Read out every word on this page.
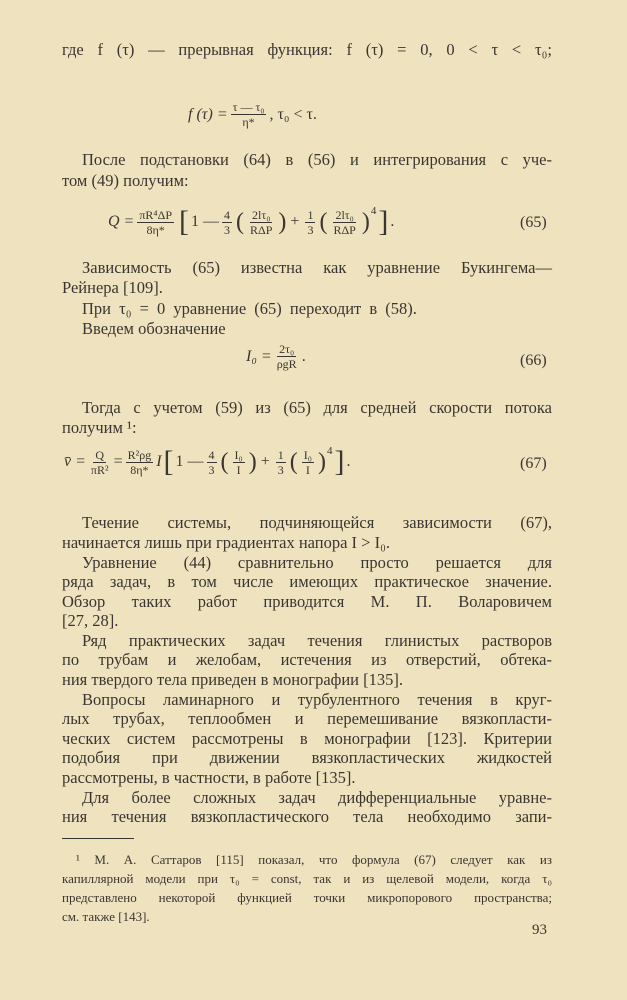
где f (τ) — прерывная функция: f (τ) = 0, 0 < τ < τ₀;
f $(\tau) = \frac{\text{τ — τ₀}}{\eta*}$ , τ₀ < τ.
После подстановки (64) в (56) и интегрирования с уче-
том (49) получим:
$Q = \frac{\text{πR⁴ΔP}}{8\eta*}$ [ 1 — $\frac{4}{3}$ ( $\frac{\text{2lτ₀}}{\text{RΔP}}$ ) + $\frac{1}{3}$ ( $\frac{\text{2lτ₀}}{\text{RΔP}} )^4$ ] .	(65)
Зависимость (65) известна как уравнение Букингема—
Рейнера [109].
При τ₀ = 0 уравнение (65) переходит в (58).
Введем обозначение
$I_0 = \frac{\text{2τ₀}}{\text{ρgR}}$ .	(66)
Тогда с учетом (59) из (65) для средней скорости потока
получим ¹:
v̄ = $\frac{Q}{\text{πR²}} = \frac{\text{R²ρg}}{8\eta*}$ I [ 1 — $\frac{4}{3}$ ( $\frac{\text{I₀}}{I}$ ) + $\frac{1}{3}$ ( $\frac{\text{I₀}}{I} )^4$ ] .	(67)
Течение системы, подчиняющейся зависимости (67),
начинается лишь при градиентах напора I > I₀.
Уравнение (44) сравнительно просто решается для
ряда задач, в том числе имеющих практическое значение.
Обзор таких работ приводится М. П. Воларовичем
[27, 28].
Ряд практических задач течения глинистых растворов
по трубам и желобам, истечения из отверстий, обтека-
ния твердого тела приведен в монографии [135].
Вопросы ламинарного и турбулентного течения в круг-
лых трубах, теплообмен и перемешивание вязкопласти-
ческих систем рассмотрены в монографии [123]. Критерии
подобия при движении вязкопластических жидкостей
рассмотрены, в частности, в работе [135].
Для более сложных задач дифференциальные уравне-
ния течения вязкопластического тела необходимо запи-
¹ М. А. Саттаров [115] показал, что формула (67) следует как из
капиллярной модели при τ₀ = const, так и из щелевой модели, когда τ₀
представлено некоторой функцией точки микропорового пространства;
см. также [143].
93
